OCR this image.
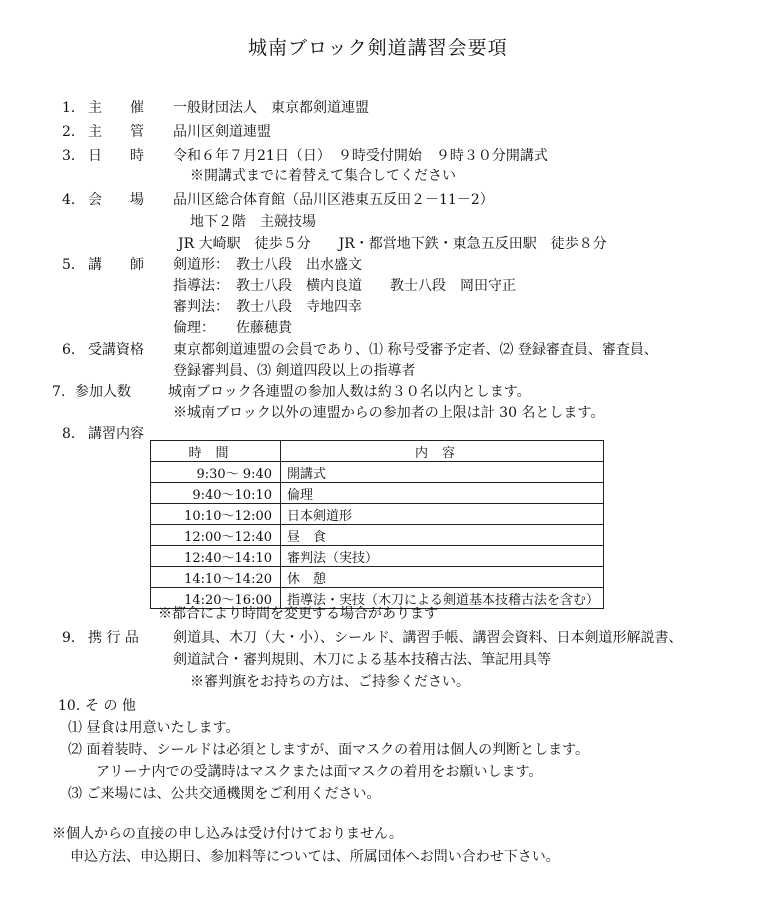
城南ブロック剣道講習会要項
1． 主　　催 一般財団法人　東京都剣道連盟
2． 主　　管 品川区剣道連盟
3． 日　　時 令和６年７月21日（日）　９時受付開始　９時３０分開講式
※開講式までに着替えて集合してください
4． 会　　場 品川区総合体育館（品川区港東五反田２－11－2）
地下２階　主競技場
JR 大崎駅　徒歩５分　　JR・都営地下鉄・東急五反田駅　徒歩８分
5． 講　　師 剣道形：　教士八段　出水盛文
指導法：　教士八段　横内良道　　教士八段　岡田守正
審判法：　教士八段　寺地四幸
倫理：　　佐藤穂貴
6． 受講資格 東京都剣道連盟の会員であり、⑴ 称号受審予定者、⑵ 登録審査員、審査員、
登録審判員、⑶ 剣道四段以上の指導者
7. 参加人数	城南ブロック各連盟の参加人数は約３０名以内とします。
※城南ブロック以外の連盟からの参加者の上限は計 30 名とします。
8． 講習内容
時間	内容
9:30～ 9:40	開講式
9:40～10:10	倫理
10:10～12:00	日本剣道形
12:00～12:40	昼　食
12:40～14:10	審判法（実技）
14:10～14:20	休　憩
14:20～16:00	指導法・実技（木刀による剣道基本技稽古法を含む）
※都合により時間を変更する場合があります
9． 携 行 品 剣道具、木刀（大・小）、シールド、講習手帳、講習会資料、日本剣道形解説書、
剣道試合・審判規則、木刀による基本技稽古法、筆記用具等
※審判旗をお持ちの方は、ご持参ください。
10. そ の 他
⑴ 昼食は用意いたします。
⑵ 面着装時、シールドは必須としますが、面マスクの着用は個人の判断とします。
アリーナ内での受講時はマスクまたは面マスクの着用をお願いします。
⑶ ご来場には、公共交通機関をご利用ください。
※個人からの直接の申し込みは受け付けておりません。
申込方法、申込期日、参加料等については、所属団体へお問い合わせ下さい。
